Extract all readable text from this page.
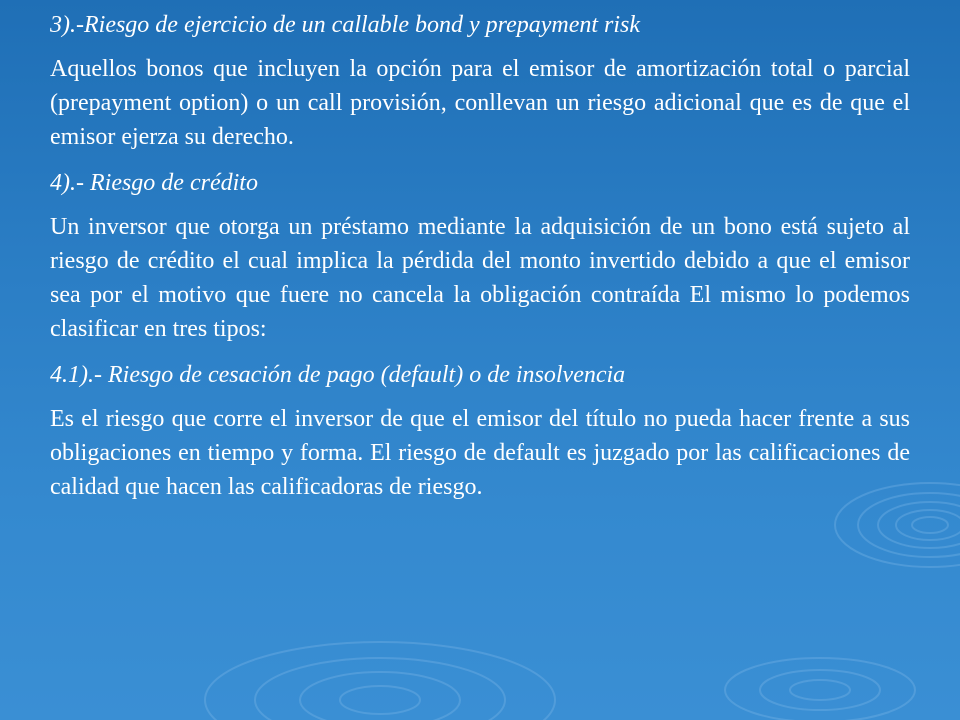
3).-Riesgo de ejercicio de un callable bond y prepayment risk

Aquellos bonos que incluyen la opción para el emisor de amortización total o parcial (prepayment option) o un call provisión, conllevan un riesgo adicional que es de que el emisor ejerza su derecho.

4).- Riesgo de crédito

Un inversor que otorga un préstamo mediante la adquisición de un bono está sujeto al riesgo de crédito el cual implica la pérdida del monto invertido debido a que el emisor sea por el motivo que fuere no cancela la obligación contraída El mismo lo podemos clasificar en tres tipos:

4.1).- Riesgo de cesación de pago (default) o de insolvencia

Es el riesgo que corre el inversor de que el emisor del título no pueda hacer frente a sus obligaciones en tiempo y forma. El riesgo de default es juzgado por las calificaciones de calidad que hacen las calificadoras de riesgo.
